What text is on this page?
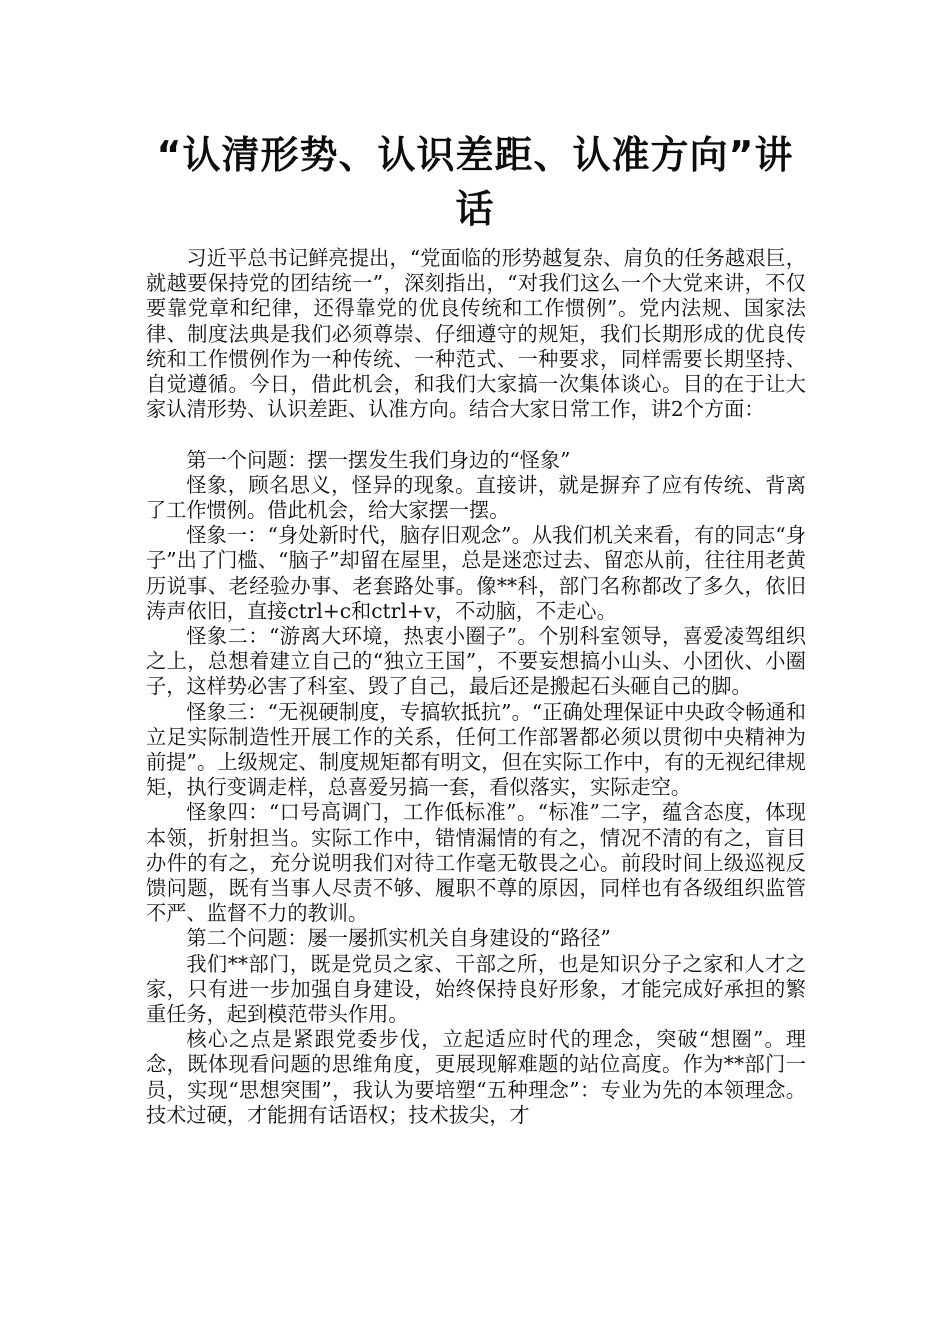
“认清形势、认识差距、认准方向”讲话

习近平总书记鲜亮提出，“党面临的形势越复杂、肩负的任务越艰巨，就越要保持党的团结统一”，深刻指出，“对我们这么一个大党来讲，不仅要靠党章和纪律，还得靠党的优良传统和工作惯例”。党内法规、国家法律、制度法典是我们必须尊崇、仔细遵守的规矩，我们长期形成的优良传统和工作惯例作为一种传统、一种范式、一种要求，同样需要长期坚持、自觉遵循。今日，借此机会，和我们大家搞一次集体谈心。目的在于让大家认清形势、认识差距、认准方向。结合大家日常工作，讲2个方面：

第一个问题：摆一摆发生我们身边的“怪象”

怪象，顾名思义，怪异的现象。直接讲，就是摒弃了应有传统、背离了工作惯例。借此机会，给大家摆一摆。

怪象一：“身处新时代，脑存旧观念”。从我们机关来看，有的同志“身子”出了门槛、“脑子”却留在屋里，总是迷恋过去、留恋从前，往往用老黄历说事、老经验办事、老套路处事。像**科，部门名称都改了多久，依旧涛声依旧，直接ctrl+c和ctrl+v，不动脑，不走心。

怪象二：“游离大环境，热衷小圈子”。个别科室领导，喜爱凌驾组织之上，总想着建立自己的“独立王国”，不要妄想搞小山头、小团伙、小圈子，这样势必害了科室、毁了自己，最后还是搬起石头砸自己的脚。

怪象三：“无视硬制度，专搞软抵抗”。“正确处理保证中央政令畅通和立足实际制造性开展工作的关系，任何工作部署都必须以贯彻中央精神为前提”。上级规定、制度规矩都有明文，但在实际工作中，有的无视纪律规矩，执行变调走样，总喜爱另搞一套，看似落实，实际走空。

怪象四：“口号高调门，工作低标准”。“标准”二字，蕴含态度，体现本领，折射担当。实际工作中，错情漏情的有之，情况不清的有之，盲目办件的有之，充分说明我们对待工作毫无敬畏之心。前段时间上级巡视反馈问题，既有当事人尽责不够、履职不尊的原因，同样也有各级组织监管不严、监督不力的教训。

第二个问题：屡一屡抓实机关自身建设的“路径”

我们**部门，既是党员之家、干部之所，也是知识分子之家和人才之家，只有进一步加强自身建设，始终保持良好形象，才能完成好承担的繁重任务，起到模范带头作用。

核心之点是紧跟党委步伐，立起适应时代的理念，突破“想圈”。理念，既体现看问题的思维角度，更展现解难题的站位高度。作为**部门一员，实现“思想突围”，我认为要培塑“五种理念”：专业为先的本领理念。技术过硬，才能拥有话语权；技术拔尖，才
